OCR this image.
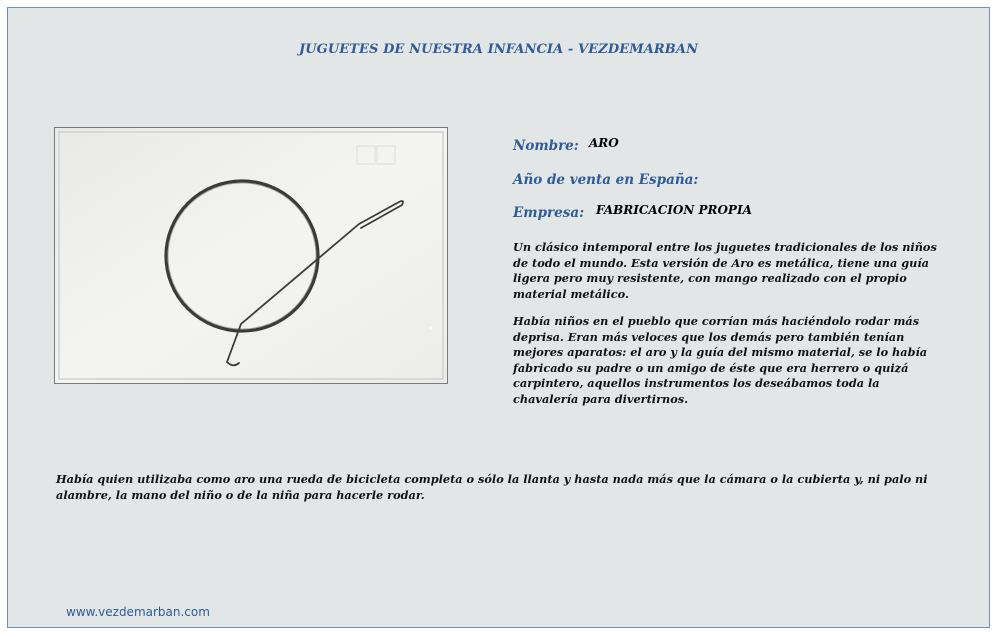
JUGUETES DE NUESTRA INFANCIA - VEZDEMARBAN
Nombre: ARO
Año de venta en España:
Empresa: FABRICACION PROPIA
Un clásico intemporal entre los juguetes tradicionales de los niños de todo el mundo. Esta versión de Aro es metálica, tiene una guía ligera pero muy resistente, con mango realizado con el propio material metálico.
Había niños en el pueblo que corrían más haciéndolo rodar más deprisa. Eran más veloces que los demás pero también tenían mejores aparatos: el aro y la guía del mismo material, se lo había fabricado su padre o un amigo de éste que era herrero o quizá carpintero, aquellos instrumentos los deseábamos toda la chavalería para divertirnos.
Había quien utilizaba como aro una rueda de bicicleta completa o sólo la llanta y hasta nada más que la cámara o la cubierta y, ni palo ni alambre, la mano del niño o de la niña para hacerle rodar.
www.vezdemarban.com
